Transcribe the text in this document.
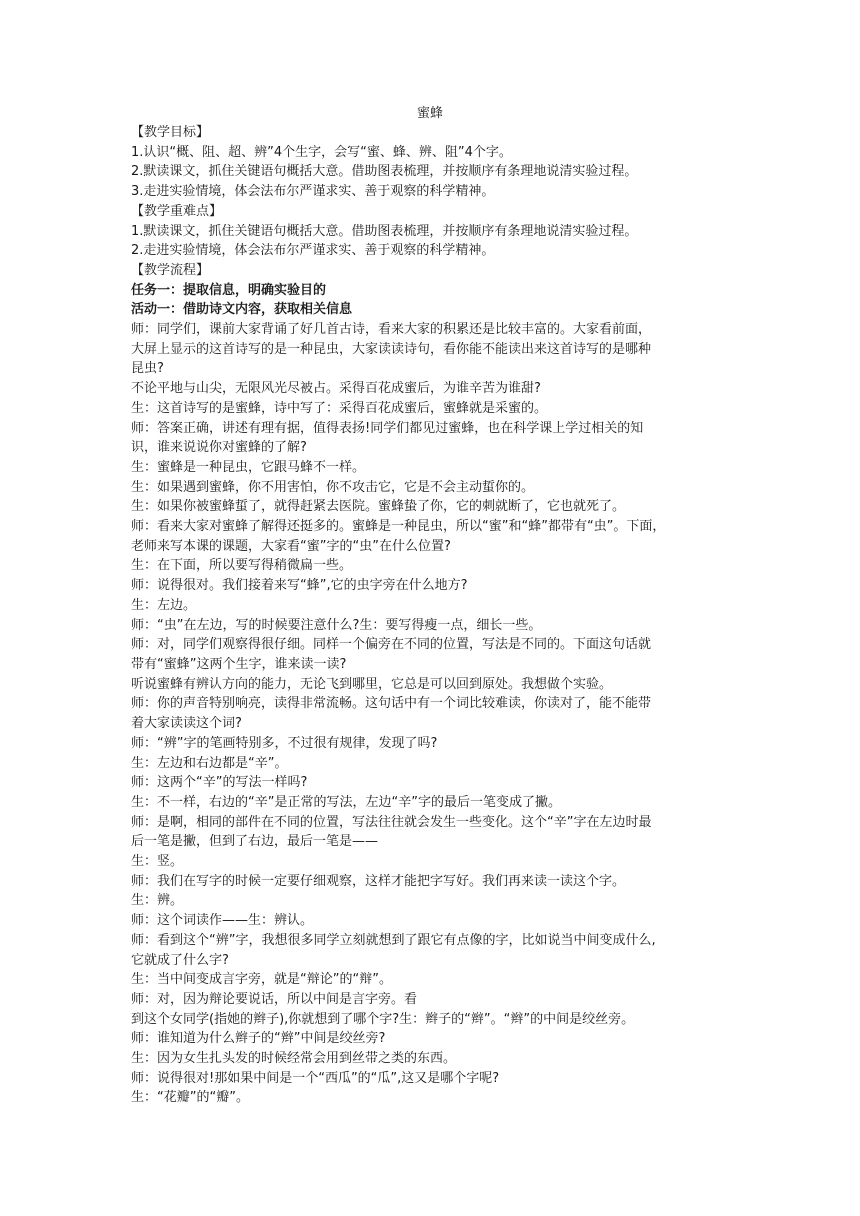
蜜蜂
【教学目标】
1.认识“概、阻、超、辨”4个生字，会写“蜜、蜂、辨、阻”4个字。
2.默读课文，抓住关键语句概括大意。借助图表梳理，并按顺序有条理地说清实验过程。
3.走进实验情境，体会法布尔严谨求实、善于观察的科学精神。
【教学重难点】
1.默读课文，抓住关键语句概括大意。借助图表梳理，并按顺序有条理地说清实验过程。
2.走进实验情境，体会法布尔严谨求实、善于观察的科学精神。
【教学流程】
任务一：提取信息，明确实验目的
活动一：借助诗文内容，获取相关信息
师：同学们，课前大家背诵了好几首古诗，看来大家的积累还是比较丰富的。大家看前面，
大屏上显示的这首诗写的是一种昆虫，大家读读诗句，看你能不能读出来这首诗写的是哪种
昆虫?
不论平地与山尖，无限风光尽被占。采得百花成蜜后，为谁辛苦为谁甜?
生：这首诗写的是蜜蜂，诗中写了：采得百花成蜜后，蜜蜂就是采蜜的。
师：答案正确，讲述有理有据，值得表扬!同学们都见过蜜蜂，也在科学课上学过相关的知
识，谁来说说你对蜜蜂的了解?
生：蜜蜂是一种昆虫，它跟马蜂不一样。
生：如果遇到蜜蜂，你不用害怕，你不攻击它，它是不会主动蜇你的。
生：如果你被蜜蜂蜇了，就得赶紧去医院。蜜蜂蛰了你，它的刺就断了，它也就死了。
师：看来大家对蜜蜂了解得还挺多的。蜜蜂是一种昆虫，所以“蜜”和“蜂”都带有“虫”。下面，
老师来写本课的课题，大家看“蜜”字的“虫”在什么位置?
生：在下面，所以要写得稍微扁一些。
师：说得很对。我们接着来写“蜂”,它的虫字旁在什么地方?
生：左边。
师：“虫”在左边，写的时候要注意什么?生：要写得瘦一点，细长一些。
师：对，同学们观察得很仔细。同样一个偏旁在不同的位置，写法是不同的。下面这句话就
带有“蜜蜂”这两个生字，谁来读一读?
听说蜜蜂有辨认方向的能力，无论飞到哪里，它总是可以回到原处。我想做个实验。
师：你的声音特别响亮，读得非常流畅。这句话中有一个词比较难读，你读对了，能不能带
着大家读读这个词?
师：“辨”字的笔画特别多，不过很有规律，发现了吗?
生：左边和右边都是“辛”。
师：这两个“辛”的写法一样吗?
生：不一样，右边的“辛”是正常的写法，左边“辛”字的最后一笔变成了撇。
师：是啊，相同的部件在不同的位置，写法往往就会发生一些变化。这个“辛”字在左边时最
后一笔是撇，但到了右边，最后一笔是——
生：竖。
师：我们在写字的时候一定要仔细观察，这样才能把字写好。我们再来读一读这个字。
生：辨。
师：这个词读作——生：辨认。
师：看到这个“辨”字，我想很多同学立刻就想到了跟它有点像的字，比如说当中间变成什么,
它就成了什么字?
生：当中间变成言字旁，就是“辩论”的“辩”。
师：对，因为辩论要说话，所以中间是言字旁。看
到这个女同学(指她的辫子),你就想到了哪个字?生：辫子的“辫”。“辫”的中间是绞丝旁。
师：谁知道为什么辫子的“辫”中间是绞丝旁?
生：因为女生扎头发的时候经常会用到丝带之类的东西。
师：说得很对!那如果中间是一个“西瓜”的“瓜”,这又是哪个字呢?
生：“花瓣”的“瓣”。
